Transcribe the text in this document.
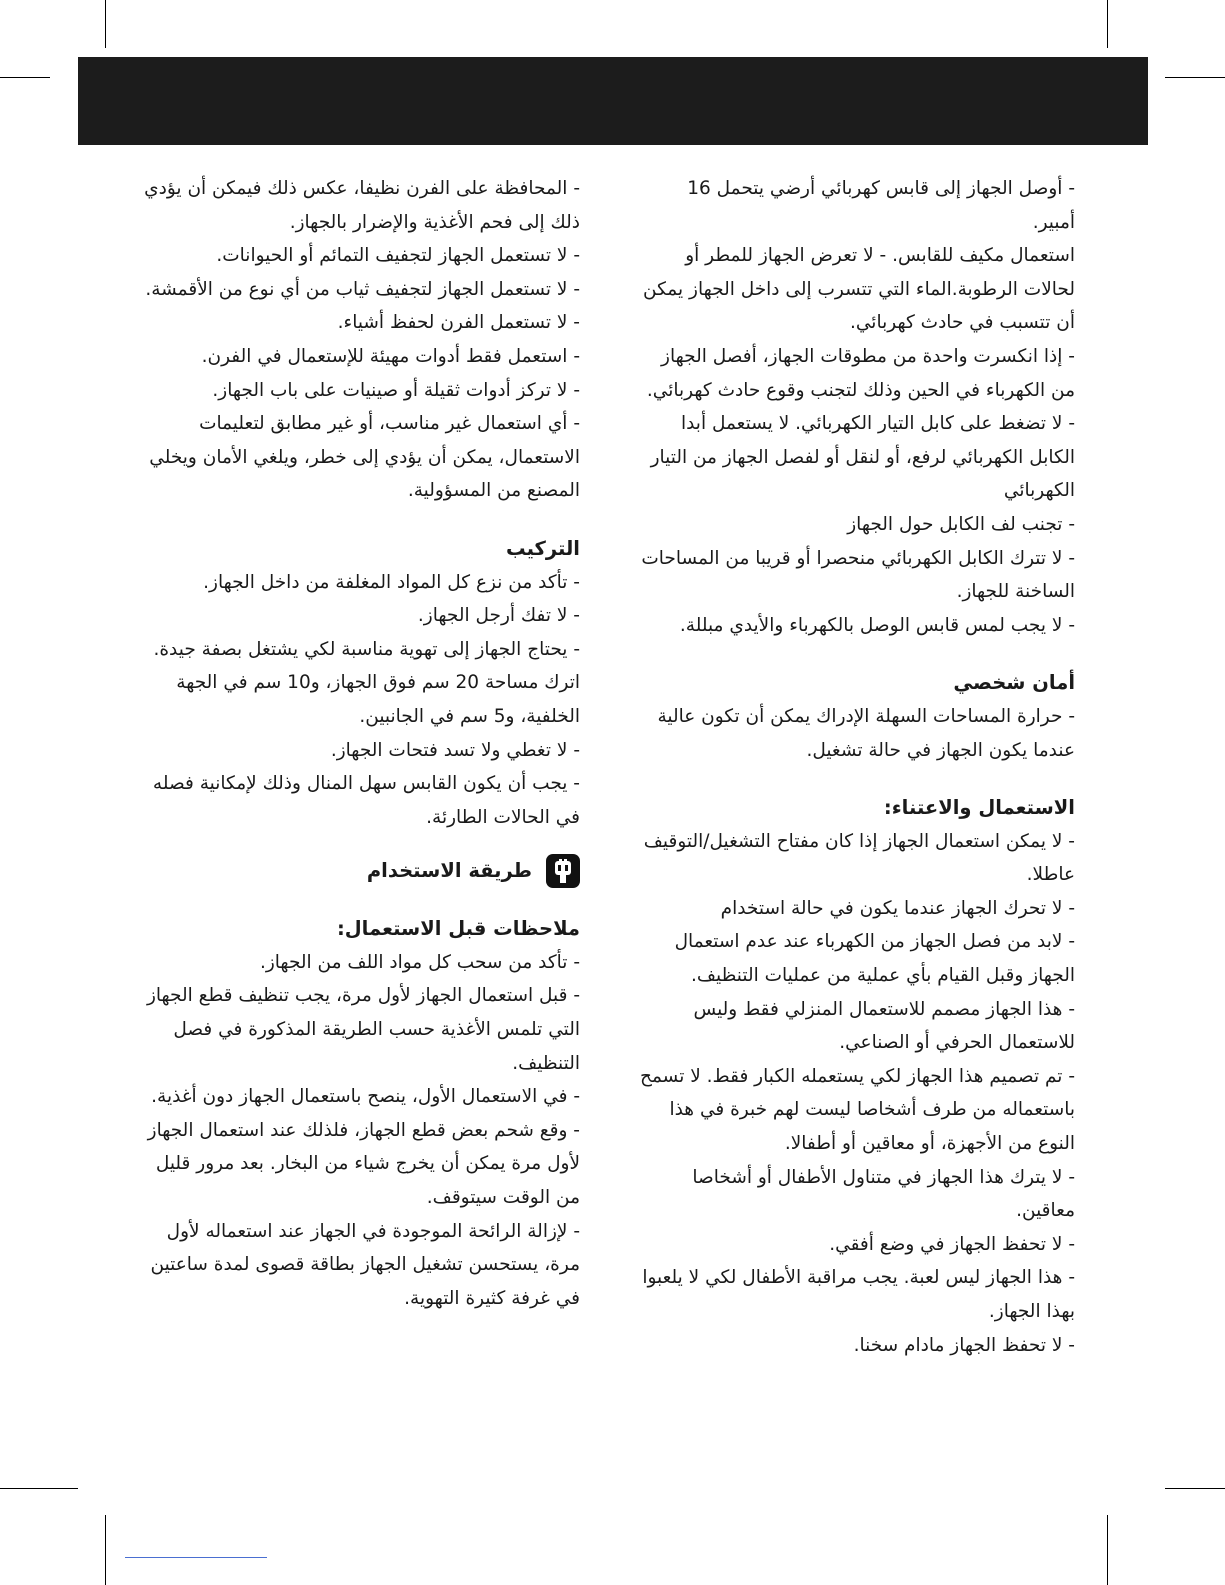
- أوصل الجهاز إلى قابس كهربائي أرضي يتحمل 16 أمبير.

استعمال مكيف للقابس. - لا تعرض الجهاز للمطر أو لحالات الرطوبة.الماء التي تتسرب إلى داخل الجهاز يمكن أن تتسبب في حادث كهربائي.

- إذا انكسرت واحدة من مطوقات الجهاز، أفصل الجهاز من الكهرباء في الحين وذلك لتجنب وقوع حادث كهربائي.

- لا تضغط على كابل التيار الكهربائي. لا يستعمل أبدا الكابل الكهربائي لرفع، أو لنقل أو لفصل الجهاز من التيار الكهربائي

- تجنب لف الكابل حول الجهاز

- لا تترك الكابل الكهربائي منحصرا أو قريبا من المساحات الساخنة للجهاز.

- لا يجب لمس قابس الوصل بالكهرباء والأيدي مبللة.

أمان شخصي

- حرارة المساحات السهلة الإدراك يمكن أن تكون عالية عندما يكون الجهاز في حالة تشغيل.

الاستعمال والاعتناء:

- لا يمكن استعمال الجهاز إذا كان مفتاح التشغيل/التوقيف عاطلا.

- لا تحرك الجهاز عندما يكون في حالة استخدام

- لابد من فصل الجهاز من الكهرباء عند عدم استعمال الجهاز وقبل القيام بأي عملية من عمليات التنظيف.

- هذا الجهاز مصمم للاستعمال المنزلي فقط وليس للاستعمال الحرفي أو الصناعي.

- تم تصميم هذا الجهاز لكي يستعمله الكبار فقط. لا تسمح باستعماله من طرف أشخاصا ليست لهم خبرة في هذا النوع من الأجهزة، أو معاقين أو أطفالا.

- لا يترك هذا الجهاز في متناول الأطفال أو أشخاصا معاقين.

- لا تحفظ الجهاز في وضع أفقي.

- هذا الجهاز ليس لعبة. يجب مراقبة الأطفال لكي لا يلعبوا بهذا الجهاز.

- لا تحفظ الجهاز مادام سخنا.

- المحافظة على الفرن نظيفا، عكس ذلك فيمكن أن يؤدي ذلك إلى فحم الأغذية والإضرار بالجهاز.

- لا تستعمل الجهاز لتجفيف التمائم أو الحيوانات.

- لا تستعمل الجهاز لتجفيف ثياب من أي نوع من الأقمشة.

- لا تستعمل الفرن لحفظ أشياء.

- استعمل فقط أدوات مهيئة للإستعمال في الفرن.

- لا تركز أدوات ثقيلة أو صينيات على باب الجهاز.

- أي استعمال غير مناسب، أو غير مطابق لتعليمات الاستعمال، يمكن أن يؤدي إلى خطر، ويلغي الأمان ويخلي المصنع من المسؤولية.

التركيب

- تأكد من نزع كل المواد المغلفة من داخل الجهاز.

- لا تفك أرجل الجهاز.

- يحتاج الجهاز إلى تهوية مناسبة لكي يشتغل بصفة جيدة. اترك مساحة 20 سم فوق الجهاز، و10 سم في الجهة الخلفية، و5 سم في الجانبين.

- لا تغطي ولا تسد فتحات الجهاز.

- يجب أن يكون القابس سهل المنال وذلك لإمكانية فصله في الحالات الطارئة.

طريقة الاستخدام

ملاحظات قبل الاستعمال:

- تأكد من سحب كل مواد اللف من الجهاز.

- قبل استعمال الجهاز لأول مرة، يجب تنظيف قطع الجهاز التي تلمس الأغذية حسب الطريقة المذكورة في فصل التنظيف.

- في الاستعمال الأول، ينصح باستعمال الجهاز دون أغذية.

- وقع شحم بعض قطع الجهاز، فلذلك عند استعمال الجهاز لأول مرة يمكن أن يخرج شياء من البخار. بعد مرور قليل من الوقت سيتوقف.

- لإزالة الرائحة الموجودة في الجهاز عند استعماله لأول مرة، يستحسن تشغيل الجهاز بطاقة قصوى لمدة ساعتين في غرفة كثيرة التهوية.
